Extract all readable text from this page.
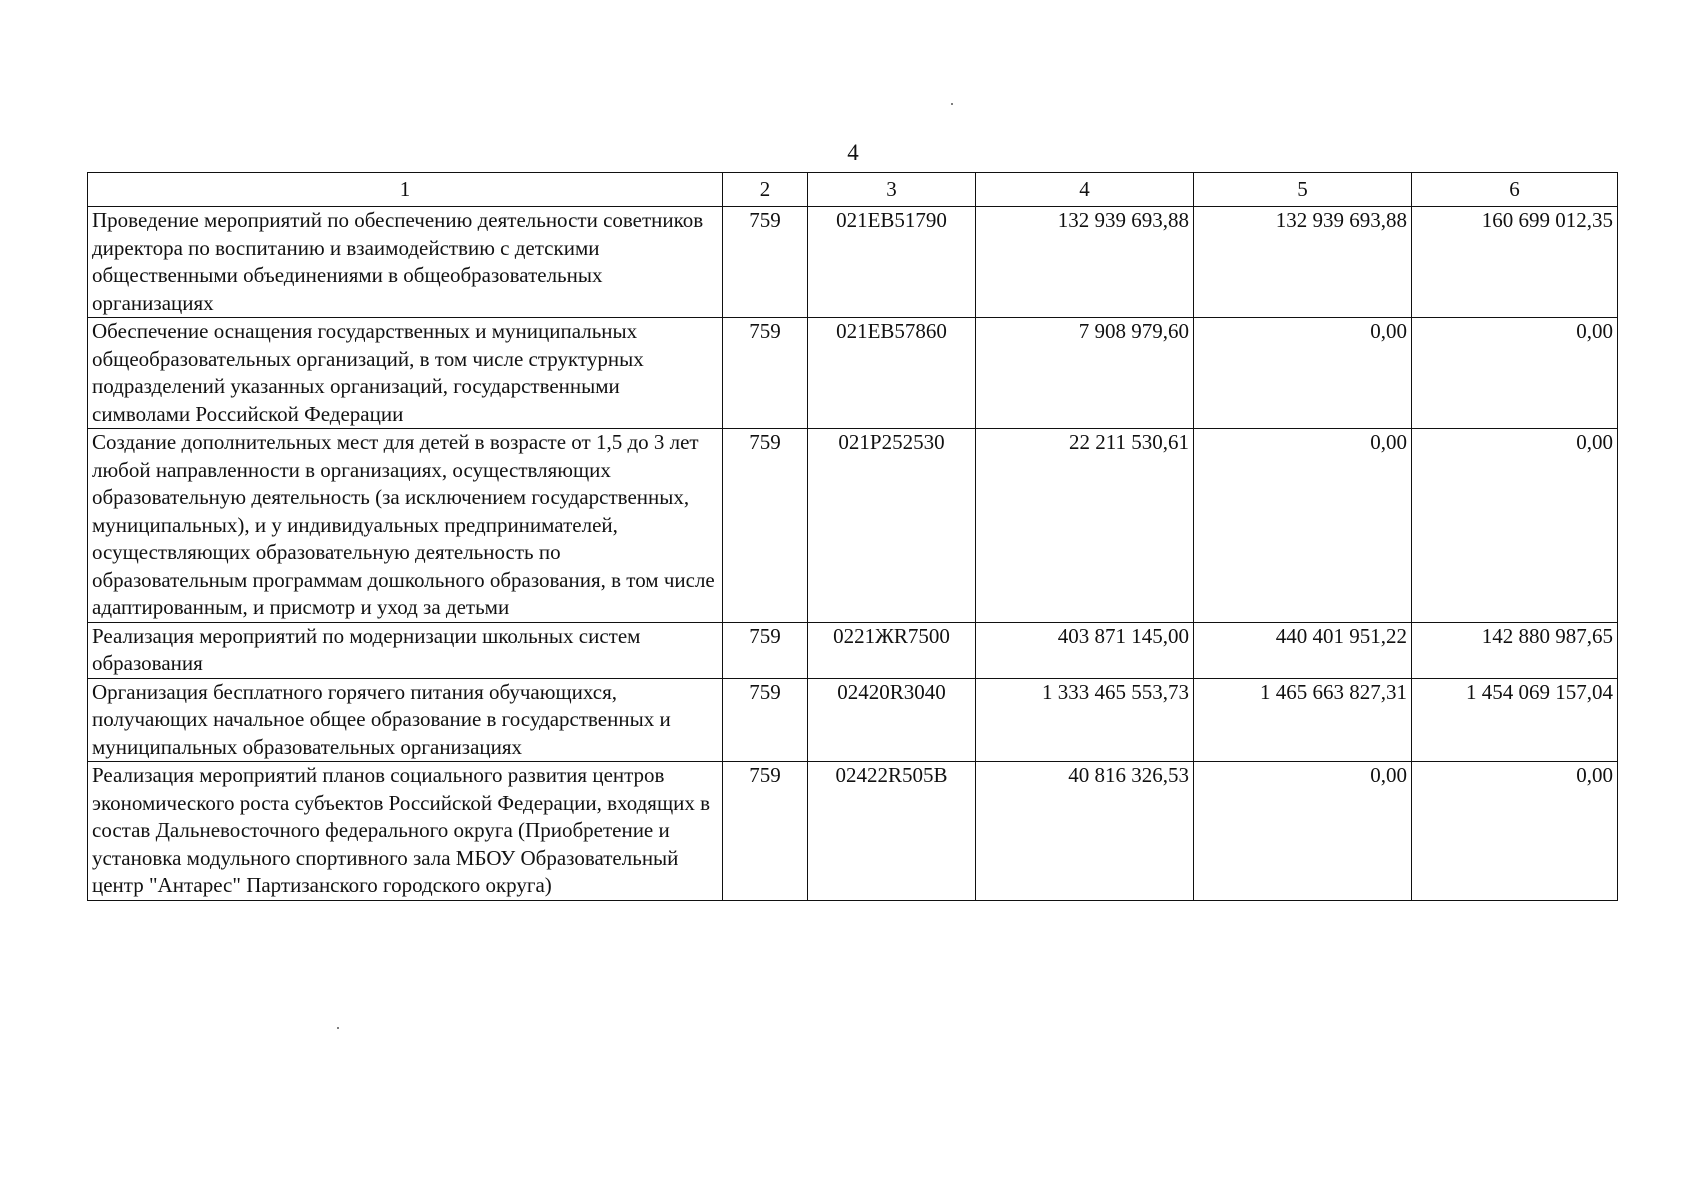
4
1	2	3	4	5	6
Проведение мероприятий по обеспечению деятельности советников директора по воспитанию и взаимодействию с детскими общественными объединениями в общеобразовательных организациях	759	021EB51790	132 939 693,88	132 939 693,88	160 699 012,35
Обеспечение оснащения государственных и муниципальных общеобразовательных организаций, в том числе структурных подразделений указанных организаций, государственными символами Российской Федерации	759	021EB57860	7 908 979,60	0,00	0,00
Создание дополнительных мест для детей в возрасте от 1,5 до 3 лет любой направленности в организациях, осуществляющих образовательную деятельность (за исключением государственных, муниципальных), и у индивидуальных предпринимателей, осуществляющих образовательную деятельность по образовательным программам дошкольного образования, в том числе адаптированным, и присмотр и уход за детьми	759	021P252530	22 211 530,61	0,00	0,00
Реализация мероприятий по модернизации школьных систем образования	759	0221ЖR7500	403 871 145,00	440 401 951,22	142 880 987,65
Организация бесплатного горячего питания обучающихся, получающих начальное общее образование в государственных и муниципальных образовательных организациях	759	02420R3040	1 333 465 553,73	1 465 663 827,31	1 454 069 157,04
Реализация мероприятий планов социального развития центров экономического роста субъектов Российской Федерации, входящих в состав Дальневосточного федерального округа (Приобретение и установка модульного спортивного зала МБОУ Образовательный центр "Антарес" Партизанского городского округа)	759	02422R505B	40 816 326,53	0,00	0,00
